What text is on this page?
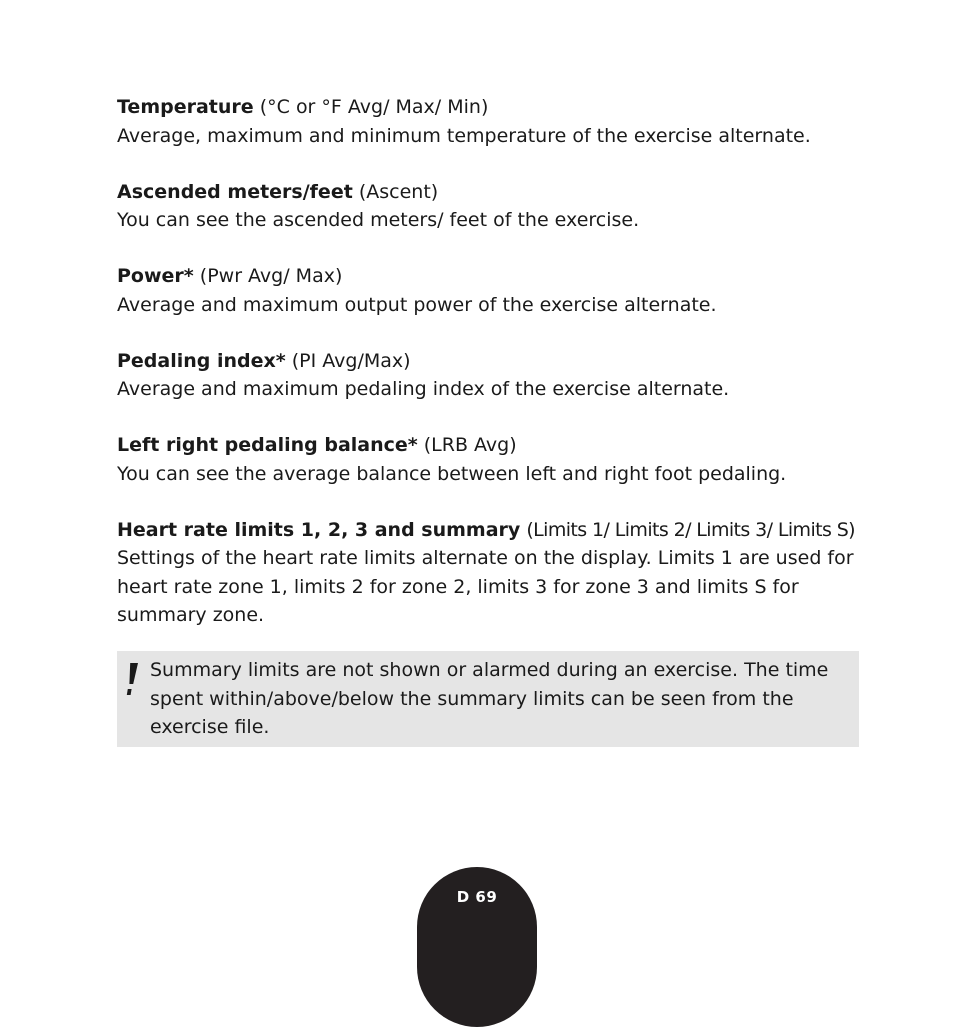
Temperature (°C or °F Avg/ Max/ Min)
Average, maximum and minimum temperature of the exercise alternate.
Ascended meters/feet (Ascent)
You can see the ascended meters/ feet of the exercise.
Power* (Pwr Avg/ Max)
Average and maximum output power of the exercise alternate.
Pedaling index* (PI Avg/Max)
Average and maximum pedaling index of the exercise alternate.
Left right pedaling balance* (LRB Avg)
You can see the average balance between left and right foot pedaling.
Heart rate limits 1, 2, 3 and summary (Limits 1/ Limits 2/ Limits 3/ Limits S)
Settings of the heart rate limits alternate on the display. Limits 1 are used for heart rate zone 1, limits 2 for zone 2, limits 3 for zone 3 and limits S for summary zone.
Summary limits are not shown or alarmed during an exercise. The time spent within/above/below the summary limits can be seen from the exercise file.
D 69
